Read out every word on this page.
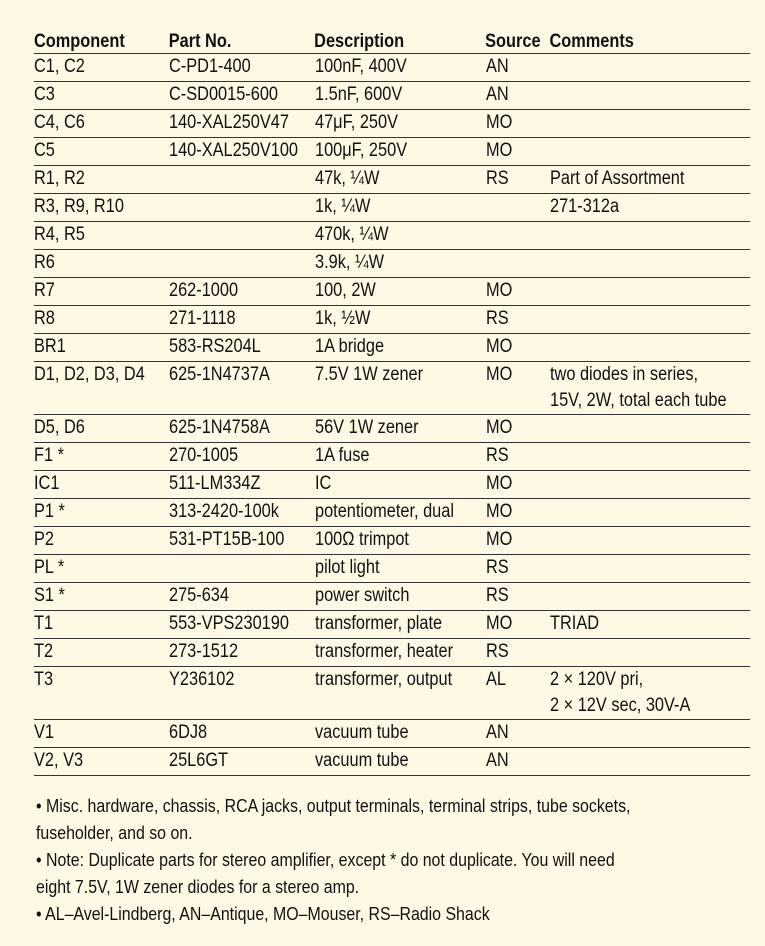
Component	Part No.	Description	Source	Comments
C1, C2	C-PD1-400	100nF, 400V	AN	
C3	C-SD0015-600	1.5nF, 600V	AN	
C4, C6	140-XAL250V47	47μF, 250V	MO	
C5	140-XAL250V100	100μF, 250V	MO	
R1, R2		47k, ¼W	RS	Part of Assortment
R3, R9, R10		1k, ¼W		271-312a
R4, R5		470k, ¼W		
R6		3.9k, ¼W		
R7	262-1000	100, 2W	MO	
R8	271-1118	1k, ½W	RS	
BR1	583-RS204L	1A bridge	MO	
D1, D2, D3, D4	625-1N4737A	7.5V 1W zener	MO	two diodes in series,
15V, 2W, total each tube
D5, D6	625-1N4758A	56V 1W zener	MO	
F1 *	270-1005	1A fuse	RS	
IC1	511-LM334Z	IC	MO	
P1 *	313-2420-100k	potentiometer, dual	MO	
P2	531-PT15B-100	100Ω trimpot	MO	
PL *		pilot light	RS	
S1 *	275-634	power switch	RS	
T1	553-VPS230190	transformer, plate	MO	TRIAD
T2	273-1512	transformer, heater	RS	
T3	Y236102	transformer, output	AL	2 × 120V pri,
2 × 12V sec, 30V-A
V1	6DJ8	vacuum tube	AN	
V2, V3	25L6GT	vacuum tube	AN	

• Misc. hardware, chassis, RCA jacks, output terminals, terminal strips, tube sockets,

fuseholder, and so on.

• Note: Duplicate parts for stereo amplifier, except * do not duplicate. You will need

eight 7.5V, 1W zener diodes for a stereo amp.

• AL–Avel-Lindberg, AN–Antique, MO–Mouser, RS–Radio Shack
